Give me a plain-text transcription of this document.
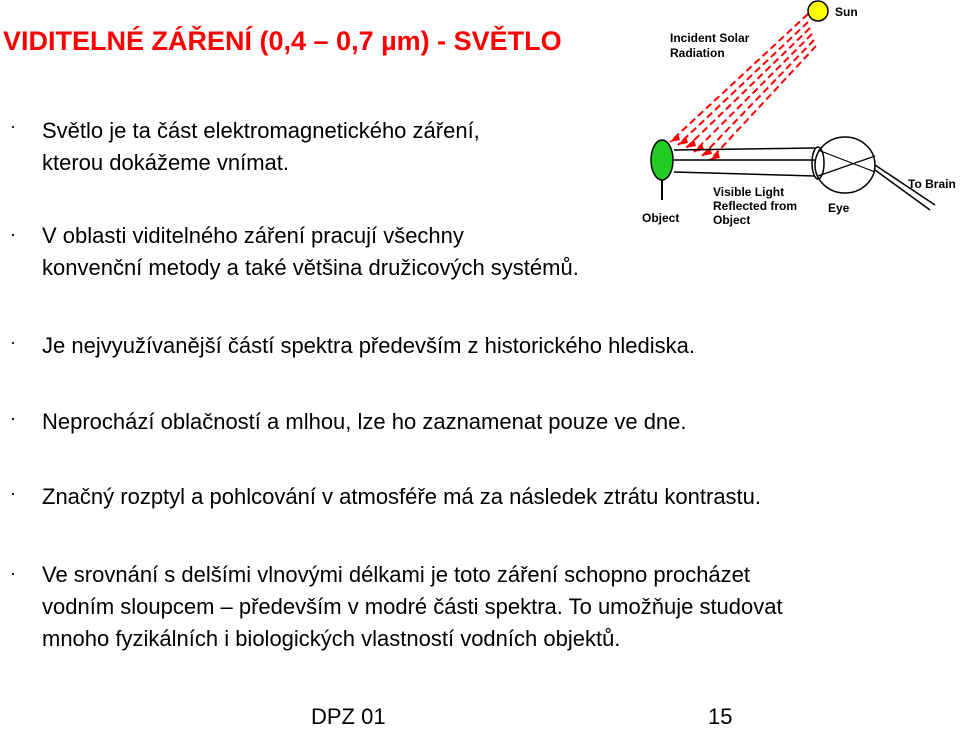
VIDITELNÉ ZÁŘENÍ (0,4 – 0,7 µm) - SVĚTLO
· Světlo je ta část elektromagnetického záření,
kterou dokážeme vnímat.
· V oblasti viditelného záření pracují všechny
konvenční metody a také většina družicových systémů.
· Je nejvyužívanější částí spektra především z historického hlediska.
· Neprochází oblačností a mlhou, lze ho zaznamenat pouze ve dne.
· Značný rozptyl a pohlcování v atmosféře má za následek ztrátu kontrastu.
· Ve srovnání s delšími vlnovými délkami je toto záření schopno procházet
vodním sloupcem – především v modré části spektra. To umožňuje studovat
mnoho fyzikálních i biologických vlastností vodních objektů.
Sun
Incident Solar
Radiation
Object
Eye
To Brain
Visible Light
Reflected from
Object
DPZ 01	15
